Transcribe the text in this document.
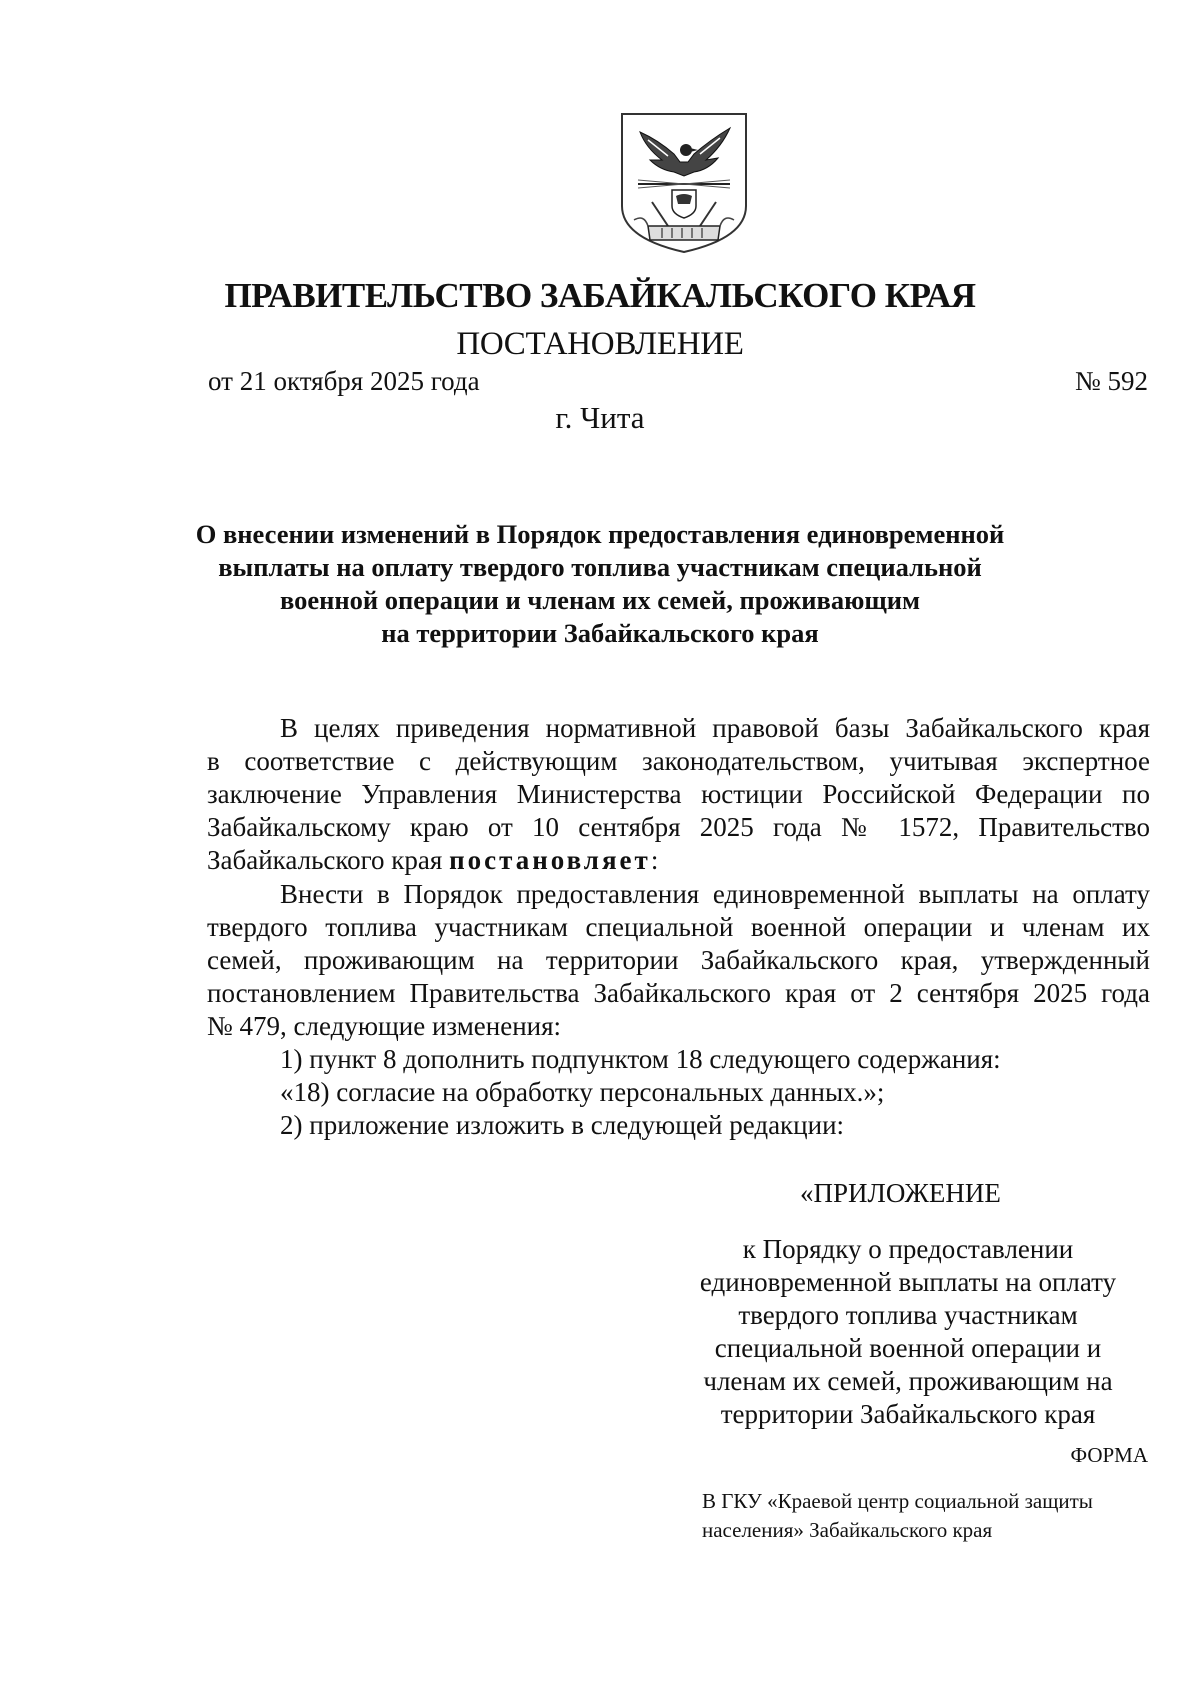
ПРАВИТЕЛЬСТВО ЗАБАЙКАЛЬСКОГО КРАЯ
ПОСТАНОВЛЕНИЕ
от 21 октября 2025 года	№ 592
г. Чита
О внесении изменений в Порядок предоставления единовременной
выплаты на оплату твердого топлива участникам специальной
военной операции и членам их семей, проживающим
на территории Забайкальского края
В целях приведения нормативной правовой базы Забайкальского края
в соответствие с действующим законодательством, учитывая экспертное
заключение Управления Министерства юстиции Российской Федерации по
Забайкальскому краю от 10 сентября 2025 года № 1572, Правительство
Забайкальского края постановляет:
Внести в Порядок предоставления единовременной выплаты на оплату
твердого топлива участникам специальной военной операции и членам их
семей, проживающим на территории Забайкальского края, утвержденный
постановлением Правительства Забайкальского края от 2 сентября 2025 года
№ 479, следующие изменения:
1) пункт 8 дополнить подпунктом 18 следующего содержания:
«18) согласие на обработку персональных данных.»;
2) приложение изложить в следующей редакции:
«ПРИЛОЖЕНИЕ
к Порядку о предоставлении
единовременной выплаты на оплату
твердого топлива участникам
специальной военной операции и
членам их семей, проживающим на
территории Забайкальского края
ФОРМА
В ГКУ «Краевой центр социальной защиты
населения» Забайкальского края
